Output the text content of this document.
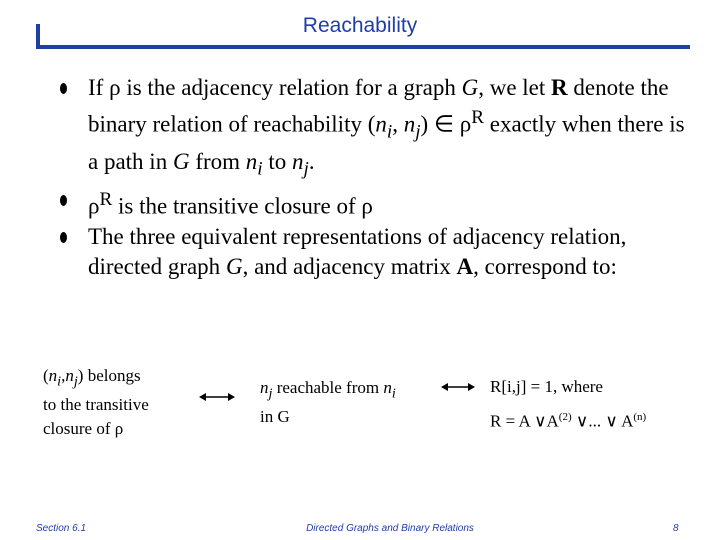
Reachability

If ρ is the adjacency relation for a graph G, we let R denote the binary relation of reachability ($n_i$, $n_j$) ∈ $\rho^R$ exactly when there is a path in G from $n_i$ to $n_j$.

$\rho^R$ is the transitive closure of ρ

The three equivalent representations of adjacency relation, directed graph G, and adjacency matrix A, correspond to:

$(n_i,n_j)$ belongs
to the transitive
closure of ρ
$n_j$ reachable from $n_i$
in G
R[i,j] = 1, where
R = A $\vee A^{(2)}$ ∨... ∨ $A^{(n)}$
Section 6.1	Directed Graphs and Binary Relations	8
